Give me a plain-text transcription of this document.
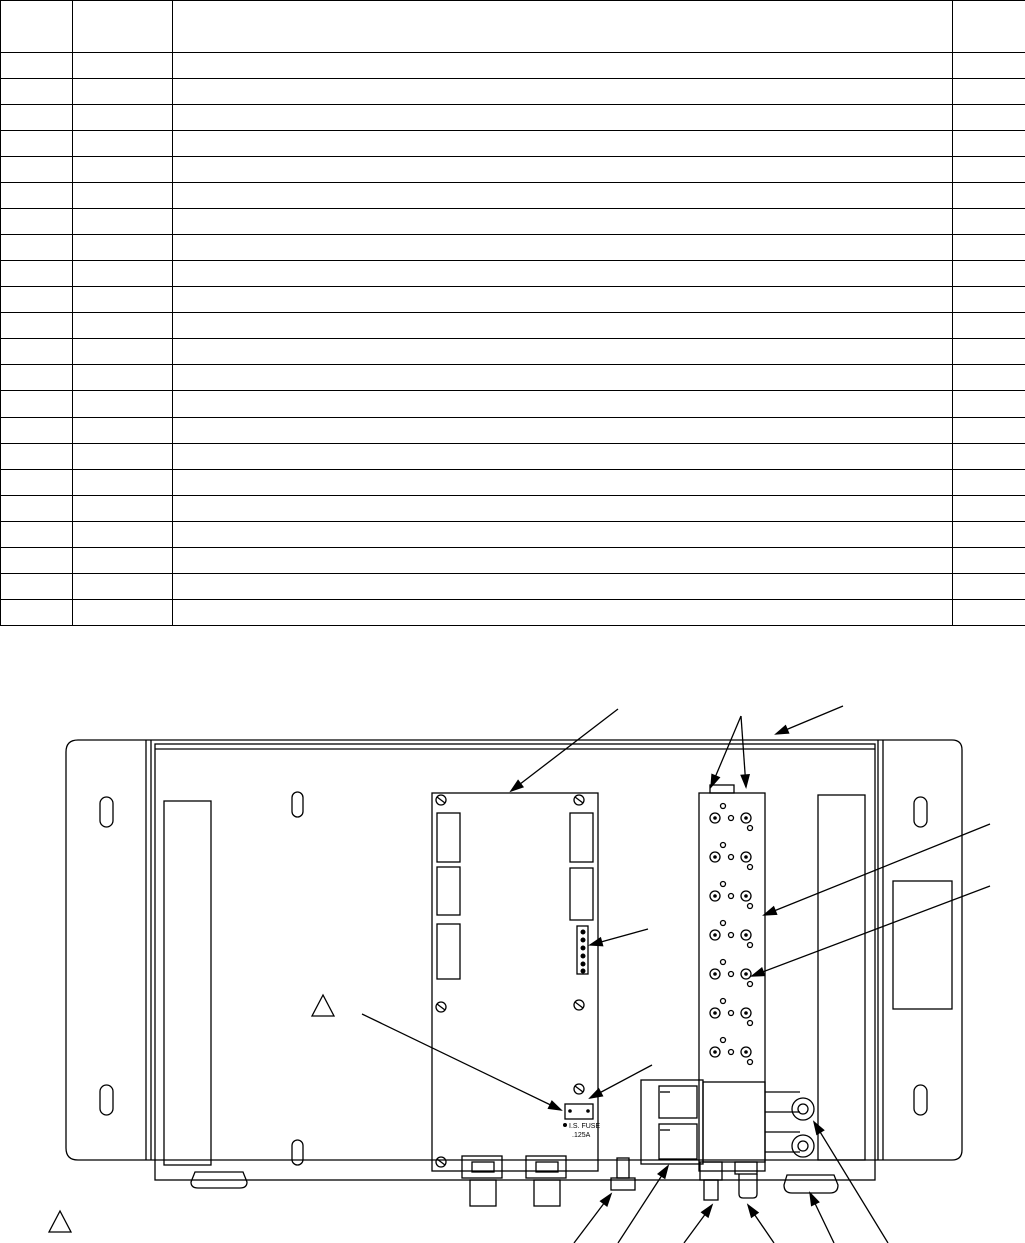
I.S. FUSE
.125A
